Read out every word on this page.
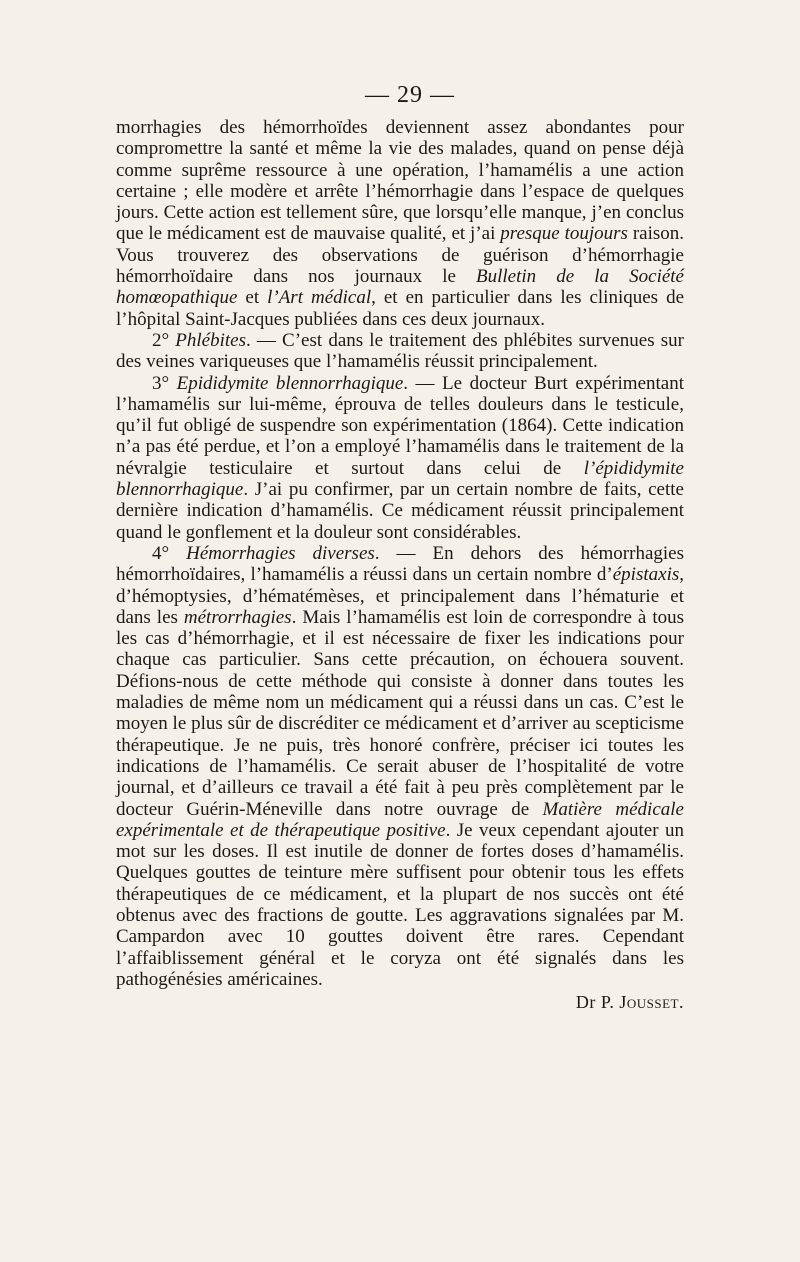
— 29 —

morrhagies des hémorrhoïdes deviennent assez abondantes pour compromettre la santé et même la vie des malades, quand on pense déjà comme suprême ressource à une opération, l’hamamélis a une action certaine ; elle modère et arrête l’hémorrhagie dans l’espace de quelques jours. Cette action est tellement sûre, que lorsqu’elle manque, j’en conclus que le médicament est de mauvaise qualité, et j’ai presque toujours raison. Vous trouverez des observations de guérison d’hémorrhagie hémorrhoïdaire dans nos journaux le Bulletin de la Société homœopathique et l’Art médical, et en particulier dans les cliniques de l’hôpital Saint-Jacques publiées dans ces deux journaux.

2° Phlébites. — C’est dans le traitement des phlébites survenues sur des veines variqueuses que l’hamamélis réussit principalement.

3° Epididymite blennorrhagique. — Le docteur Burt expérimentant l’hamamélis sur lui-même, éprouva de telles douleurs dans le testicule, qu’il fut obligé de suspendre son expérimentation (1864). Cette indication n’a pas été perdue, et l’on a employé l’hamamélis dans le traitement de la névralgie testiculaire et surtout dans celui de l’épididymite blennorrhagique. J’ai pu confirmer, par un certain nombre de faits, cette dernière indication d’hamamélis. Ce médicament réussit principalement quand le gonflement et la douleur sont considérables.

4° Hémorrhagies diverses. — En dehors des hémorrhagies hémorrhoïdaires, l’hamamélis a réussi dans un certain nombre d’épistaxis, d’hémoptysies, d’hématémèses, et principalement dans l’hématurie et dans les métrorrhagies. Mais l’hamamélis est loin de correspondre à tous les cas d’hémorrhagie, et il est nécessaire de fixer les indications pour chaque cas particulier. Sans cette précaution, on échouera souvent. Défions-nous de cette méthode qui consiste à donner dans toutes les maladies de même nom un médicament qui a réussi dans un cas. C’est le moyen le plus sûr de discréditer ce médicament et d’arriver au scepticisme thérapeutique. Je ne puis, très honoré confrère, préciser ici toutes les indications de l’hamamélis. Ce serait abuser de l’hospitalité de votre journal, et d’ailleurs ce travail a été fait à peu près complètement par le docteur Guérin-Méneville dans notre ouvrage de Matière médicale expérimentale et de thérapeutique positive. Je veux cependant ajouter un mot sur les doses. Il est inutile de donner de fortes doses d’hamamélis. Quelques gouttes de teinture mère suffisent pour obtenir tous les effets thérapeutiques de ce médicament, et la plupart de nos succès ont été obtenus avec des fractions de goutte. Les aggravations signalées par M. Campardon avec 10 gouttes doivent être rares. Cependant l’affaiblissement général et le coryza ont été signalés dans les pathogénésies américaines.

Dr P. Jousset.
